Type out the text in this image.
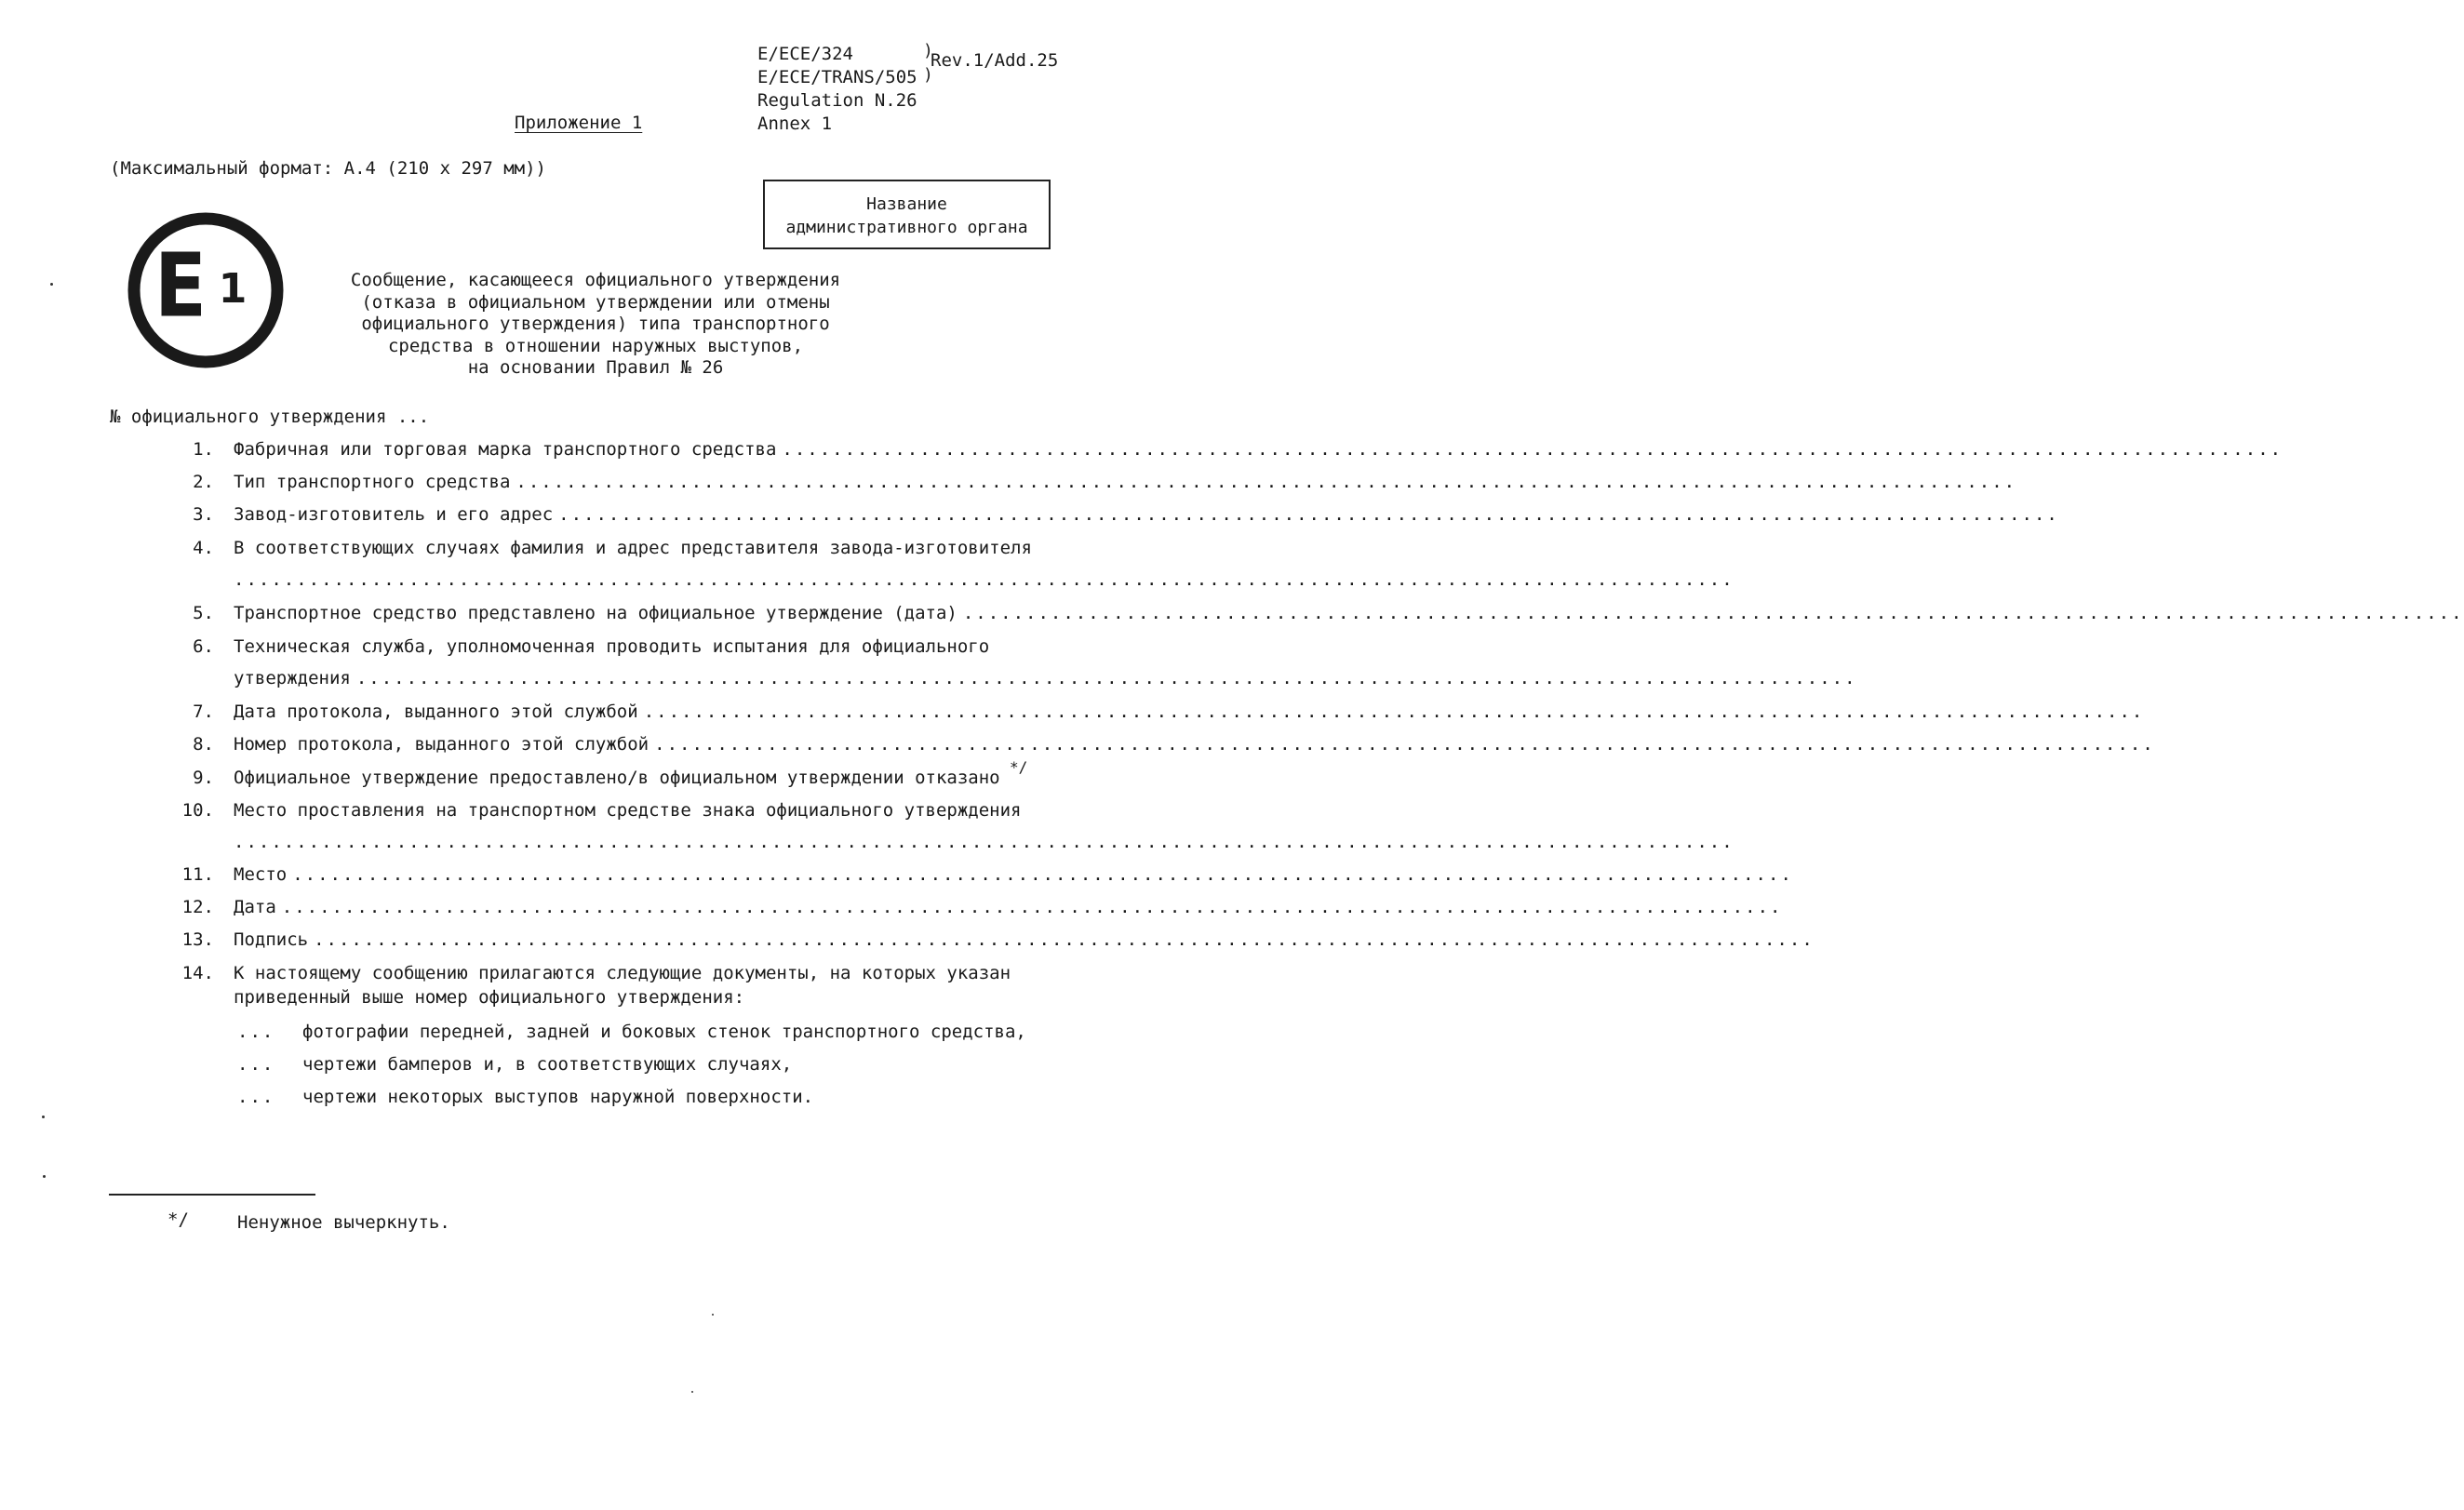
E/ECE/324
E/ECE/TRANS/505
Regulation N.26
Annex 1
)
)
Rev.1/Add.25
Приложение 1
(Максимальный формат: А.4 (210 x 297 мм))
Название
административного органа
E 1	Сообщение, касающееся официального утверждения
(отказа в официальном утверждении или отмены
официального утверждения) типа транспортного
средства в отношении наружных выступов,
на основании Правил № 26
№ официального утверждения ...
1. Фабричная или торговая марка транспортного средства ........................................................................................................................
2. Тип транспортного средства ........................................................................................................................
3. Завод-изготовитель и его адрес ........................................................................................................................
4. В соответствующих случаях фамилия и адрес представителя завода-изготовителя
........................................................................................................................
5. Транспортное средство представлено на официальное утверждение (дата) ........................................................................................................................
6. Техническая служба, уполномоченная проводить испытания для официального
утверждения ........................................................................................................................
7. Дата протокола, выданного этой службой ........................................................................................................................
8. Номер протокола, выданного этой службой ........................................................................................................................
9. Официальное утверждение предоставлено/в официальном утверждении отказано
*/
10. Место проставления на транспортном средстве знака официального утверждения
........................................................................................................................
11. Место ........................................................................................................................
12. Дата ........................................................................................................................
13. Подпись ........................................................................................................................
14. К настоящему сообщению прилагаются следующие документы, на которых указан
приведенный выше номер официального утверждения:
... фотографии передней, задней и боковых стенок транспортного средства,
... чертежи бамперов и, в соответствующих случаях,
... чертежи некоторых выступов наружной поверхности.
*/	Ненужное вычеркнуть.
